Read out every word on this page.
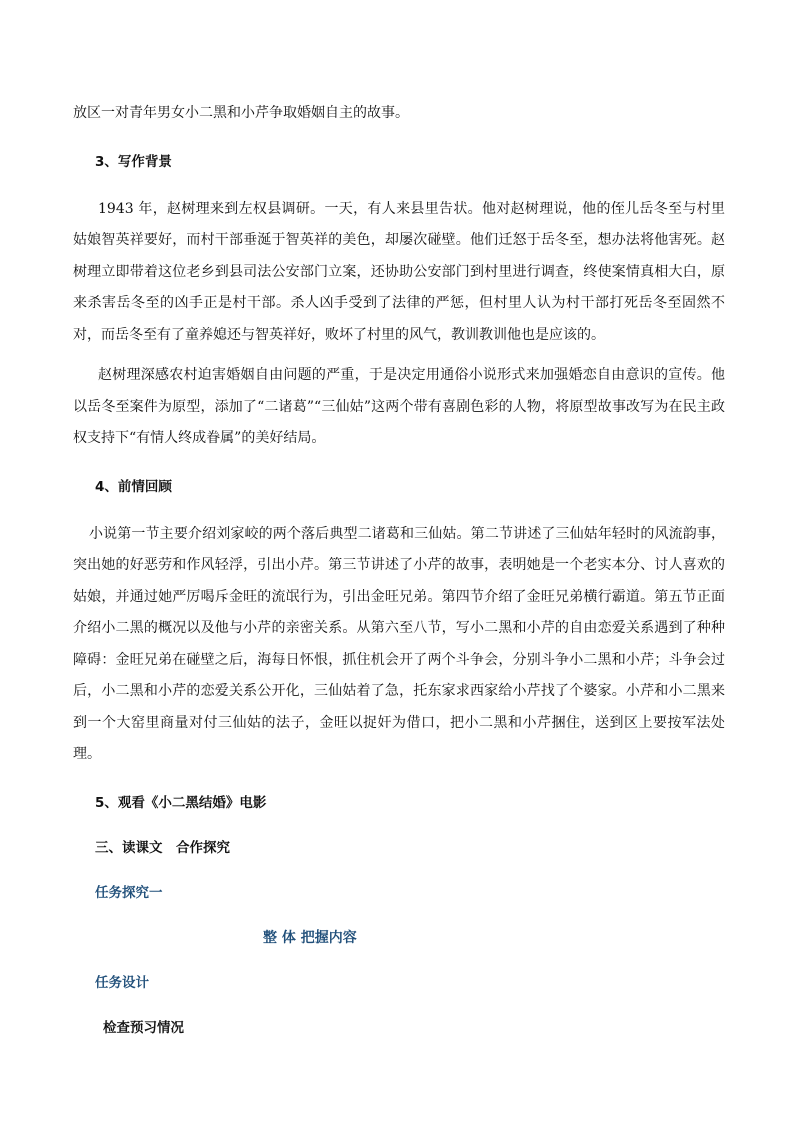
放区一对青年男女小二黑和小芹争取婚姻自主的故事。

3、写作背景

1943 年，赵树理来到左权县调研。一天，有人来县里告状。他对赵树理说，他的侄儿岳冬至与村里姑娘智英祥要好，而村干部垂涎于智英祥的美色，却屡次碰壁。他们迁怒于岳冬至，想办法将他害死。赵树理立即带着这位老乡到县司法公安部门立案，还协助公安部门到村里进行调查，终使案情真相大白，原来杀害岳冬至的凶手正是村干部。杀人凶手受到了法律的严惩，但村里人认为村干部打死岳冬至固然不对，而岳冬至有了童养媳还与智英祥好，败坏了村里的风气，教训教训他也是应该的。

赵树理深感农村迫害婚姻自由问题的严重，于是决定用通俗小说形式来加强婚恋自由意识的宣传。他以岳冬至案件为原型，添加了“二诸葛”“三仙姑”这两个带有喜剧色彩的人物，将原型故事改写为在民主政权支持下“有情人终成眷属”的美好结局。

4、前情回顾

小说第一节主要介绍刘家峧的两个落后典型二诸葛和三仙姑。第二节讲述了三仙姑年轻时的风流韵事，突出她的好恶劳和作风轻浮，引出小芹。第三节讲述了小芹的故事，表明她是一个老实本分、讨人喜欢的姑娘，并通过她严厉喝斥金旺的流氓行为，引出金旺兄弟。第四节介绍了金旺兄弟横行霸道。第五节正面介绍小二黑的概况以及他与小芹的亲密关系。从第六至八节，写小二黑和小芹的自由恋爱关系遇到了种种障碍：金旺兄弟在碰壁之后，海每日怀恨，抓住机会开了两个斗争会，分别斗争小二黑和小芹；斗争会过后，小二黑和小芹的恋爱关系公开化，三仙姑着了急，托东家求西家给小芹找了个婆家。小芹和小二黑来到一个大窑里商量对付三仙姑的法子，金旺以捉奸为借口，把小二黑和小芹捆住，送到区上要按军法处理。

5、观看《小二黑结婚》电影

三、读课文　合作探究

任务探究一

整 体 把握内容

任务设计

检查预习情况
